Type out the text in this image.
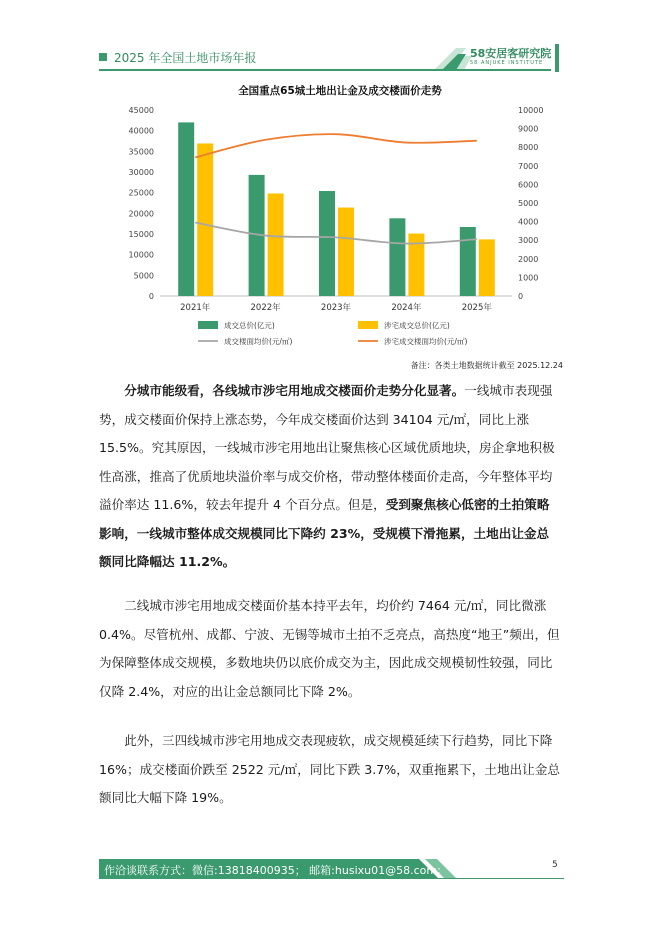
2025 年全国土地市场年报	58安居客研究院
58 ANJUKE INSTITUTE
全国重点65城土地出让金及成交楼面价走势
0
5000
10000
15000
20000
25000
30000
35000
40000
45000
0
1000
2000
3000
4000
5000
6000
7000
8000
9000
10000
2021年	2022年	2023年	2024年	2025年
成交总价(亿元)	涉宅成交总价(亿元)
成交楼面均价(元/㎡)	涉宅成交楼面均价(元/㎡)
备注：各类土地数据统计截至 2025.12.24
  分城市能级看，各线城市涉宅用地成交楼面价走势分化显著。一线城市表现强势，成交楼面价保持上涨态势，今年成交楼面价达到 34104 元/㎡，同比上涨 15.5%。究其原因，一线城市涉宅用地出让聚焦核心区域优质地块，房企拿地积极性高涨，推高了优质地块溢价率与成交价格，带动整体楼面价走高，今年整体平均溢价率达 11.6%，较去年提升 4 个百分点。但是，受到聚焦核心低密的土拍策略影响，一线城市整体成交规模同比下降约 23%，受规模下滑拖累，土地出让金总额同比降幅达 11.2%。
  二线城市涉宅用地成交楼面价基本持平去年，均价约 7464 元/㎡，同比微涨 0.4%。尽管杭州、成都、宁波、无锡等城市土拍不乏亮点，高热度“地王”频出，但为保障整体成交规模，多数地块仍以底价成交为主，因此成交规模韧性较强，同比仅降 2.4%，对应的出让金总额同比下降 2%。
  此外，三四线城市涉宅用地成交表现疲软，成交规模延续下行趋势，同比下降 16%；成交楼面价跌至 2522 元/㎡，同比下跌 3.7%，双重拖累下，土地出让金总额同比大幅下降 19%。
作洽谈联系方式：微信:13818400935； 邮箱:husixu01@58.com;	5
